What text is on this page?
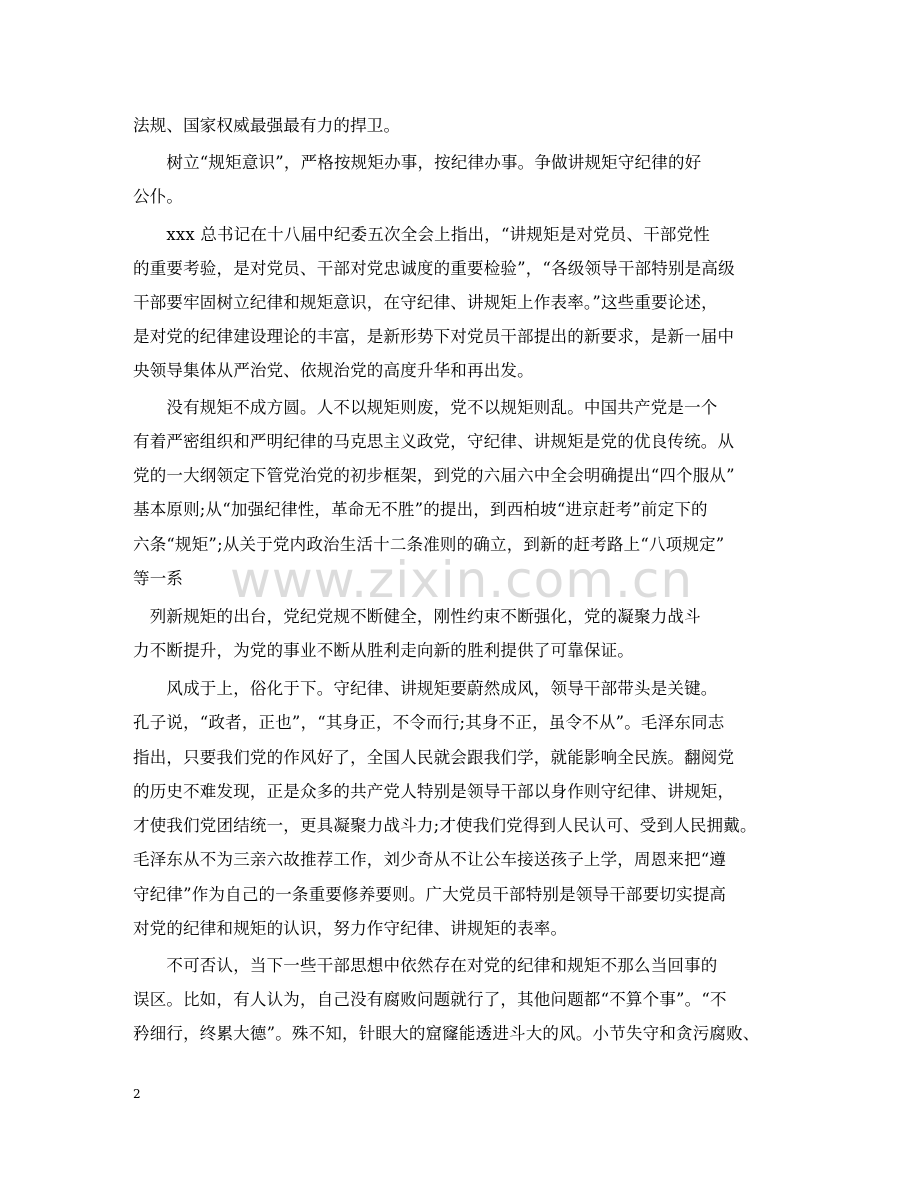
www.zixin.com.cn
法规、国家权威最强最有力的捍卫。
　　树立“规矩意识”，严格按规矩办事，按纪律办事。争做讲规矩守纪律的好
公仆。
　　xxx 总书记在十八届中纪委五次全会上指出，“讲规矩是对党员、干部党性
的重要考验，是对党员、干部对党忠诚度的重要检验”，“各级领导干部特别是高级
干部要牢固树立纪律和规矩意识，在守纪律、讲规矩上作表率。”这些重要论述，
是对党的纪律建设理论的丰富，是新形势下对党员干部提出的新要求，是新一届中
央领导集体从严治党、依规治党的高度升华和再出发。
　　没有规矩不成方圆。人不以规矩则废，党不以规矩则乱。中国共产党是一个
有着严密组织和严明纪律的马克思主义政党，守纪律、讲规矩是党的优良传统。从
党的一大纲领定下管党治党的初步框架，到党的六届六中全会明确提出“四个服从”
基本原则;从“加强纪律性，革命无不胜”的提出，到西柏坡“进京赶考”前定下的
六条“规矩”;从关于党内政治生活十二条准则的确立，到新的赶考路上“八项规定”
等一系
　列新规矩的出台，党纪党规不断健全，刚性约束不断强化，党的凝聚力战斗
力不断提升，为党的事业不断从胜利走向新的胜利提供了可靠保证。
　　风成于上，俗化于下。守纪律、讲规矩要蔚然成风，领导干部带头是关键。
孔子说，“政者，正也”，“其身正，不令而行;其身不正，虽令不从”。毛泽东同志
指出，只要我们党的作风好了，全国人民就会跟我们学，就能影响全民族。翻阅党
的历史不难发现，正是众多的共产党人特别是领导干部以身作则守纪律、讲规矩，
才使我们党团结统一，更具凝聚力战斗力;才使我们党得到人民认可、受到人民拥戴。
毛泽东从不为三亲六故推荐工作，刘少奇从不让公车接送孩子上学，周恩来把“遵
守纪律”作为自己的一条重要修养要则。广大党员干部特别是领导干部要切实提高
对党的纪律和规矩的认识，努力作守纪律、讲规矩的表率。
　　不可否认，当下一些干部思想中依然存在对党的纪律和规矩不那么当回事的
误区。比如，有人认为，自己没有腐败问题就行了，其他问题都“不算个事”。“不
矜细行，终累大德”。殊不知，针眼大的窟窿能透进斗大的风。小节失守和贪污腐败、
2
